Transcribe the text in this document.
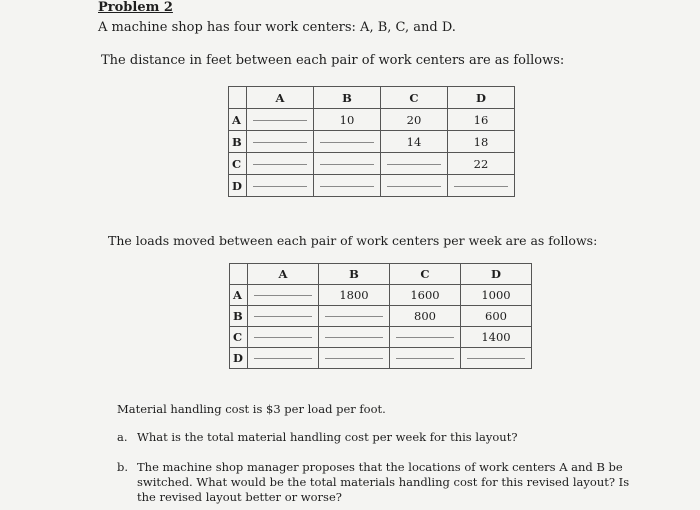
Problem 2
A machine shop has four work centers: A, B, C, and D.
The distance in feet between each pair of work centers are as follows:
	A	B	C	D
A		10	20	16
B			14	18
C				22
D				
The loads moved between each pair of work centers per week are as follows:
	A	B	C	D
A		1800	1600	1000
B			800	600
C				1400
D				
Material handling cost is $3 per load per foot.
a. What is the total material handling cost per week for this layout?
b. The machine shop manager proposes that the locations of work centers A and B be switched. What would be the total materials handling cost for this revised layout? Is the revised layout better or worse?
